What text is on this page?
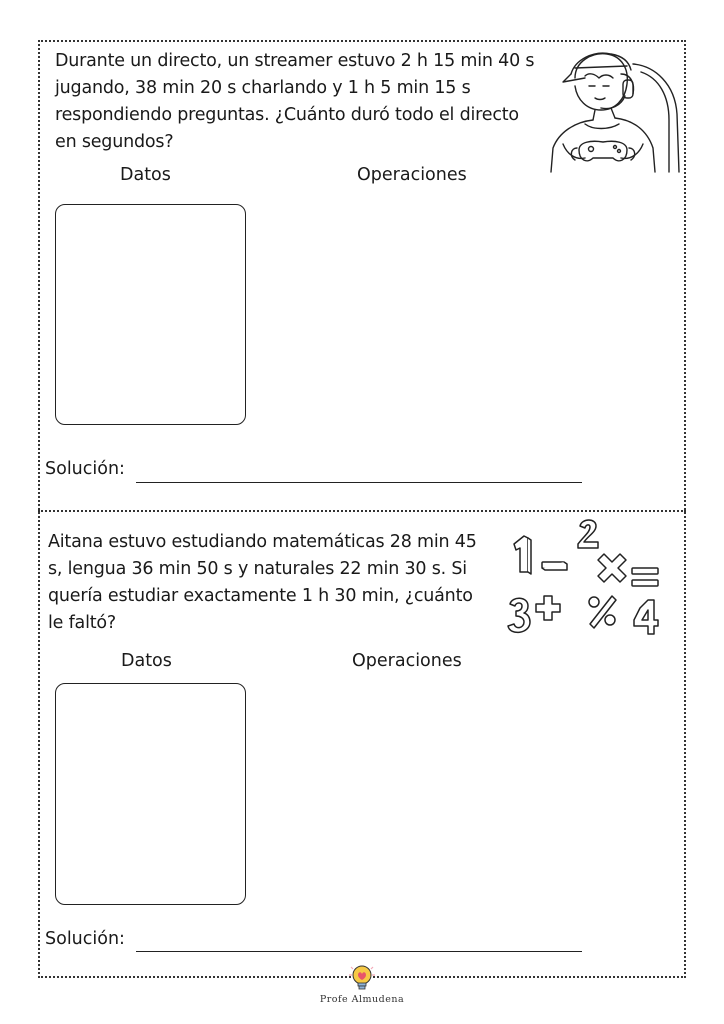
Durante un directo, un streamer estuvo 2 h 15 min 40 s jugando, 38 min 20 s charlando y 1 h 5 min 15 s respondiendo preguntas. ¿Cuánto duró todo el directo en segundos?

Datos	Operaciones
Solución:

Aitana estuvo estudiando matemáticas 28 min 45 s, lengua 36 min 50 s y naturales 22 min 30 s. Si quería estudiar exactamente 1 h 30 min, ¿cuánto le faltó?

Datos	Operaciones
Solución:
Profe Almudena
